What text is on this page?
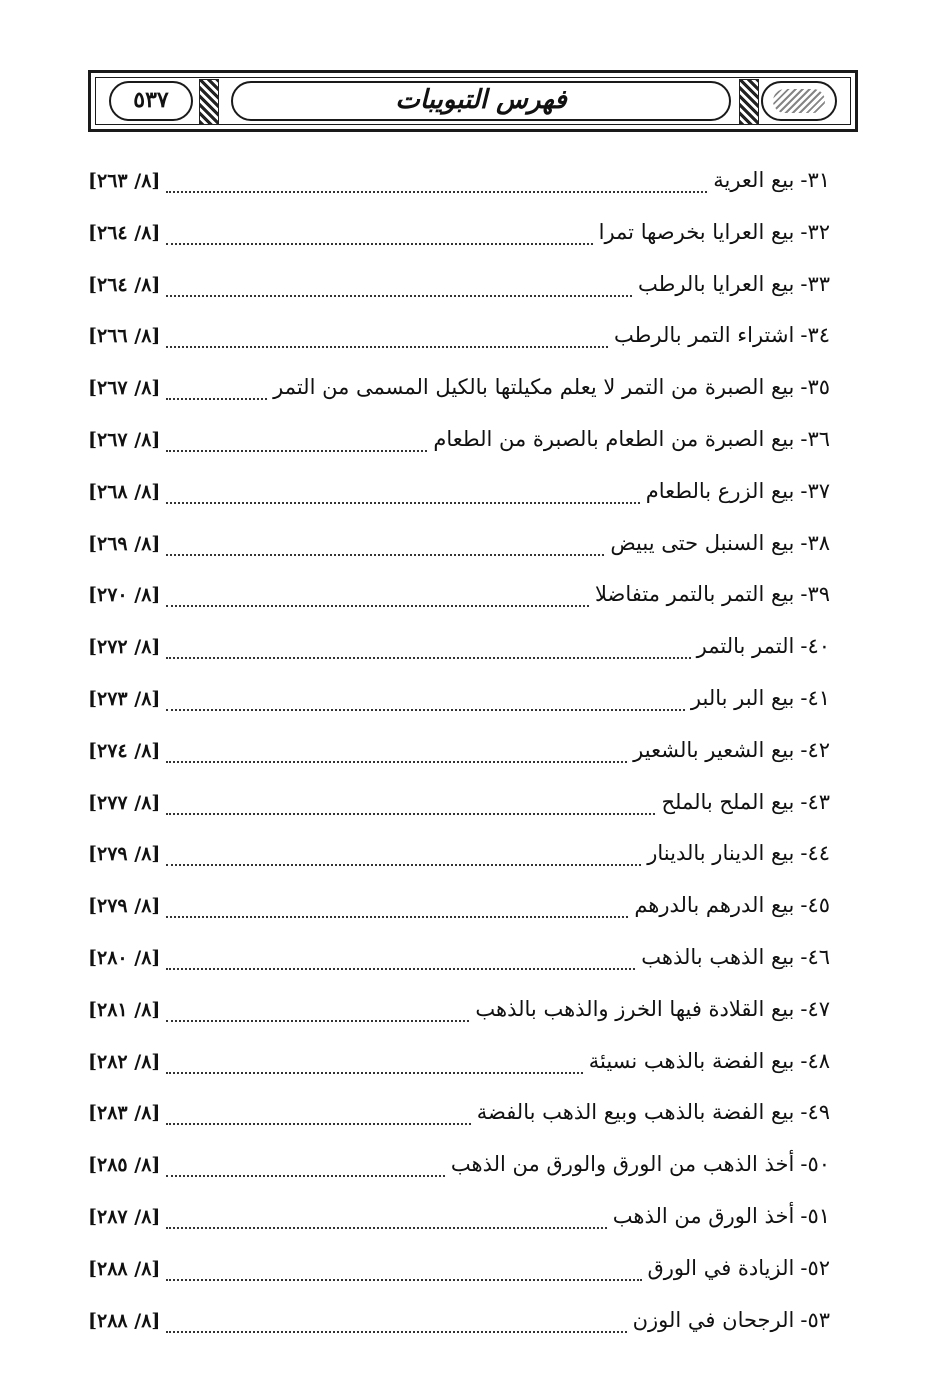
٥٣٧	فهرس التبويبات
٣١-
بيع العرية
[٨/ ٢٦٣]
٣٢-
بيع العرايا بخرصها تمرا
[٨/ ٢٦٤]
٣٣-
بيع العرايا بالرطب
[٨/ ٢٦٤]
٣٤-
اشتراء التمر بالرطب
[٨/ ٢٦٦]
٣٥-
بيع الصبرة من التمر لا يعلم مكيلتها بالكيل المسمى من التمر
[٨/ ٢٦٧]
٣٦-
بيع الصبرة من الطعام بالصبرة من الطعام
[٨/ ٢٦٧]
٣٧-
بيع الزرع بالطعام
[٨/ ٢٦٨]
٣٨-
بيع السنبل حتى يبيض
[٨/ ٢٦٩]
٣٩-
بيع التمر بالتمر متفاضلا
[٨/ ٢٧٠]
٤٠-
التمر بالتمر
[٨/ ٢٧٢]
٤١-
بيع البر بالبر
[٨/ ٢٧٣]
٤٢-
بيع الشعير بالشعير
[٨/ ٢٧٤]
٤٣-
بيع الملح بالملح
[٨/ ٢٧٧]
٤٤-
بيع الدينار بالدينار
[٨/ ٢٧٩]
٤٥-
بيع الدرهم بالدرهم
[٨/ ٢٧٩]
٤٦-
بيع الذهب بالذهب
[٨/ ٢٨٠]
٤٧-
بيع القلادة فيها الخرز والذهب بالذهب
[٨/ ٢٨١]
٤٨-
بيع الفضة بالذهب نسيئة
[٨/ ٢٨٢]
٤٩-
بيع الفضة بالذهب وبيع الذهب بالفضة
[٨/ ٢٨٣]
٥٠-
أخذ الذهب من الورق والورق من الذهب
[٨/ ٢٨٥]
٥١-
أخذ الورق من الذهب
[٨/ ٢٨٧]
٥٢-
الزيادة في الورق
[٨/ ٢٨٨]
٥٣-
الرجحان في الوزن
[٨/ ٢٨٨]
